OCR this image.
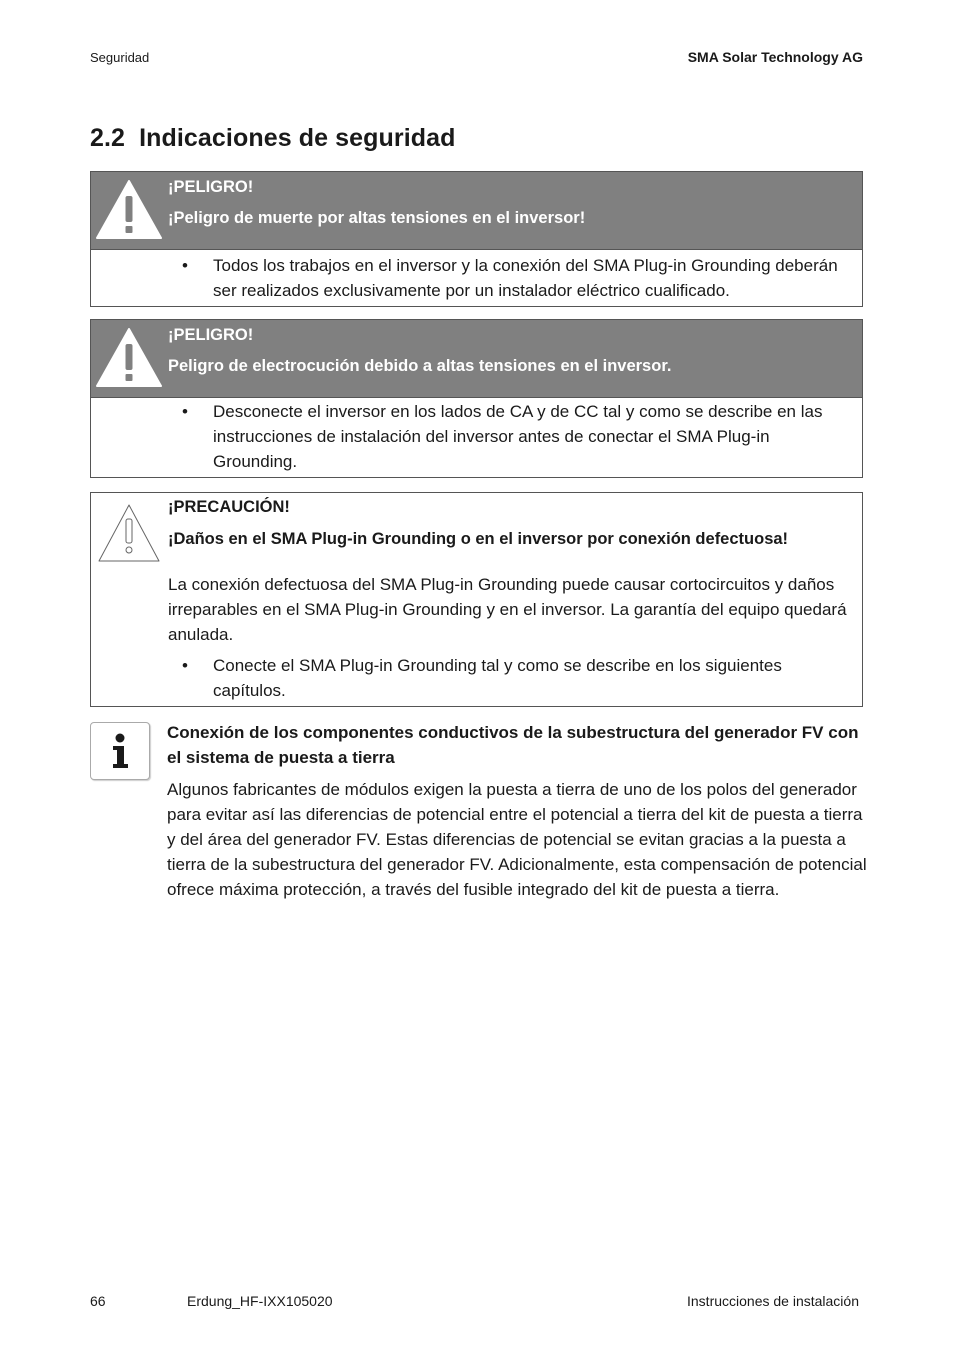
Seguridad	SMA Solar Technology AG
2.2 Indicaciones de seguridad
¡PELIGRO!
¡Peligro de muerte por altas tensiones en el inversor!
• Todos los trabajos en el inversor y la conexión del SMA Plug-in Grounding deberán ser realizados exclusivamente por un instalador eléctrico cualificado.
¡PELIGRO!
Peligro de electrocución debido a altas tensiones en el inversor.
• Desconecte el inversor en los lados de CA y de CC tal y como se describe en las instrucciones de instalación del inversor antes de conectar el SMA Plug-in Grounding.
¡PRECAUCIÓN!
¡Daños en el SMA Plug-in Grounding o en el inversor por conexión defectuosa!

La conexión defectuosa del SMA Plug-in Grounding puede causar cortocircuitos y daños irreparables en el SMA Plug-in Grounding y en el inversor. La garantía del equipo quedará anulada.

• Conecte el SMA Plug-in Grounding tal y como se describe en los siguientes capítulos.
Conexión de los componentes conductivos de la subestructura del generador FV con el sistema de puesta a tierra
Algunos fabricantes de módulos exigen la puesta a tierra de uno de los polos del generador para evitar así las diferencias de potencial entre el potencial a tierra del kit de puesta a tierra y del área del generador FV. Estas diferencias de potencial se evitan gracias a la puesta a tierra de la subestructura del generador FV. Adicionalmente, esta compensación de potencial ofrece máxima protección, a través del fusible integrado del kit de puesta a tierra.
66	Erdung_HF-IXX105020	Instrucciones de instalación
